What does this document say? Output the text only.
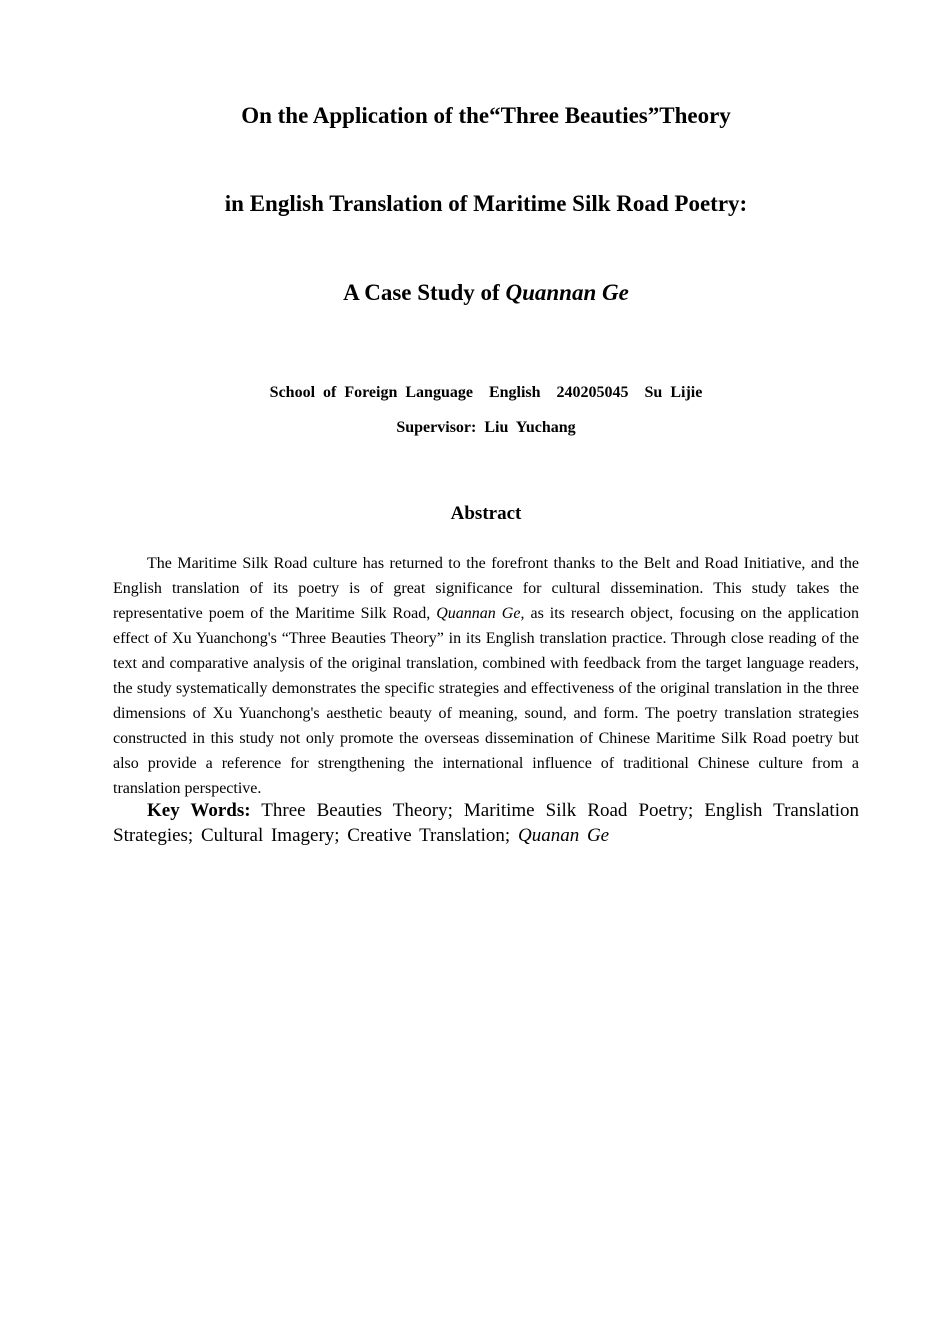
On the Application of the“Three Beauties”Theory
in English Translation of Maritime Silk Road Poetry:
A Case Study of Quannan Ge
School  of  Foreign  Language    English    240205045    Su  Lijie
Supervisor:  Liu  Yuchang
Abstract

The Maritime Silk Road culture has returned to the forefront thanks to the Belt and Road Initiative, and the English translation of its poetry is of great significance for cultural dissemination. This study takes the representative poem of the Maritime Silk Road, Quannan Ge, as its research object, focusing on the application effect of Xu Yuanchong's “Three Beauties Theory” in its English translation practice. Through close reading of the text and comparative analysis of the original translation, combined with feedback from the target language readers, the study systematically demonstrates the specific strategies and effectiveness of the original translation in the three dimensions of Xu Yuanchong's aesthetic beauty of meaning, sound, and form. The poetry translation strategies constructed in this study not only promote the overseas dissemination of Chinese Maritime Silk Road poetry but also provide a reference for strengthening the international influence of traditional Chinese culture from a translation perspective.

Key Words: Three Beauties Theory; Maritime Silk Road Poetry; English Translation Strategies; Cultural Imagery; Creative Translation; Quanan Ge
